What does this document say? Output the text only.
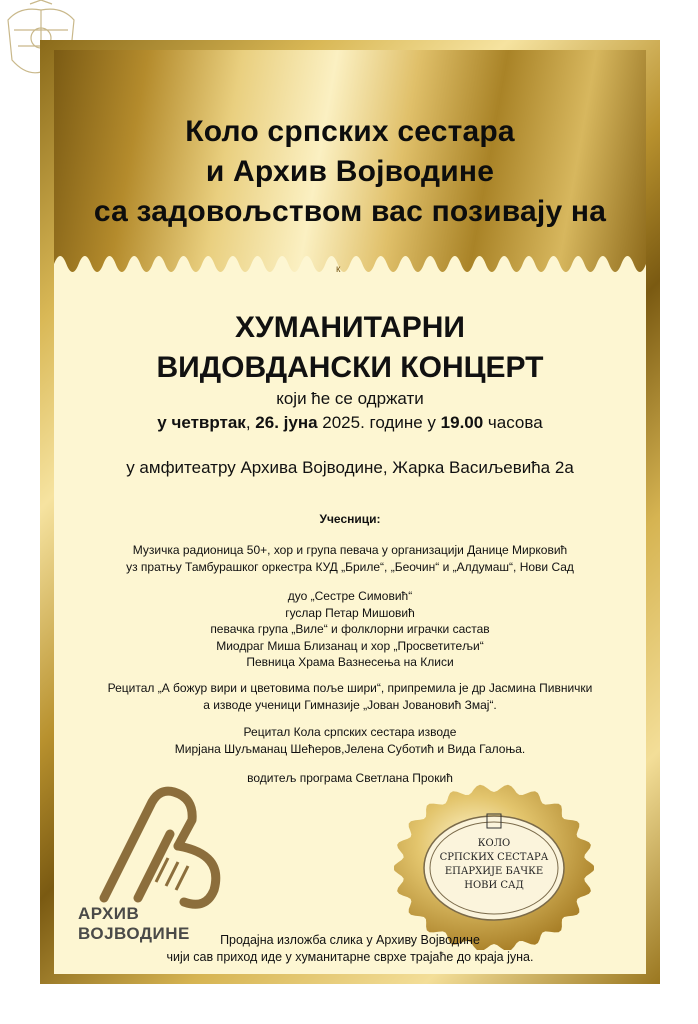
Коло српских сестара
и Архив Војводине
са задовољством вас позивају на
к
ХУМАНИТАРНИ
ВИДОВДАНСКИ КОНЦЕРТ
који ће се одржати
у четвртак, 26. јуна 2025. године у 19.00 часова
у амфитеатру Архива Војводине, Жарка Васиљевића 2а
Учесници:
Музичка радионица 50+, хор и група певача у организацији Данице Мирковић
уз пратњу Тамбурашког оркестра КУД „Бриле“, „Беочин“ и „Алдумаш“, Нови Сад
дуо „Сестре Симовић“
гуслар Петар Мишовић
певачка група „Виле“ и фолклорни играчки састав
Миодраг Миша Близанац и хор „Просветитељи“
Певница Храма Вазнесења на Клиси
Рецитал „А божур вири и цветовима поље шири“, припремила је др Јасмина Пивнички
а изводе ученици Гимназије „Јован Јовановић Змај“.
Рецитал Кола српских сестара изводе
Мирјана Шуљманац Шећеров,Јелена Суботић и Вида Галоња.
водитељ програма Светлана Прокић
АРХИВ ВОЈВОДИНЕ
КОЛО
СРПСКИХ СЕСТАРА
ЕПАРХИЈЕ БАЧКЕ
НОВИ САД
Продајна изложба слика у Архиву Војводине
чији сав приход иде у хуманитарне сврхе трајаће до краја јуна.
